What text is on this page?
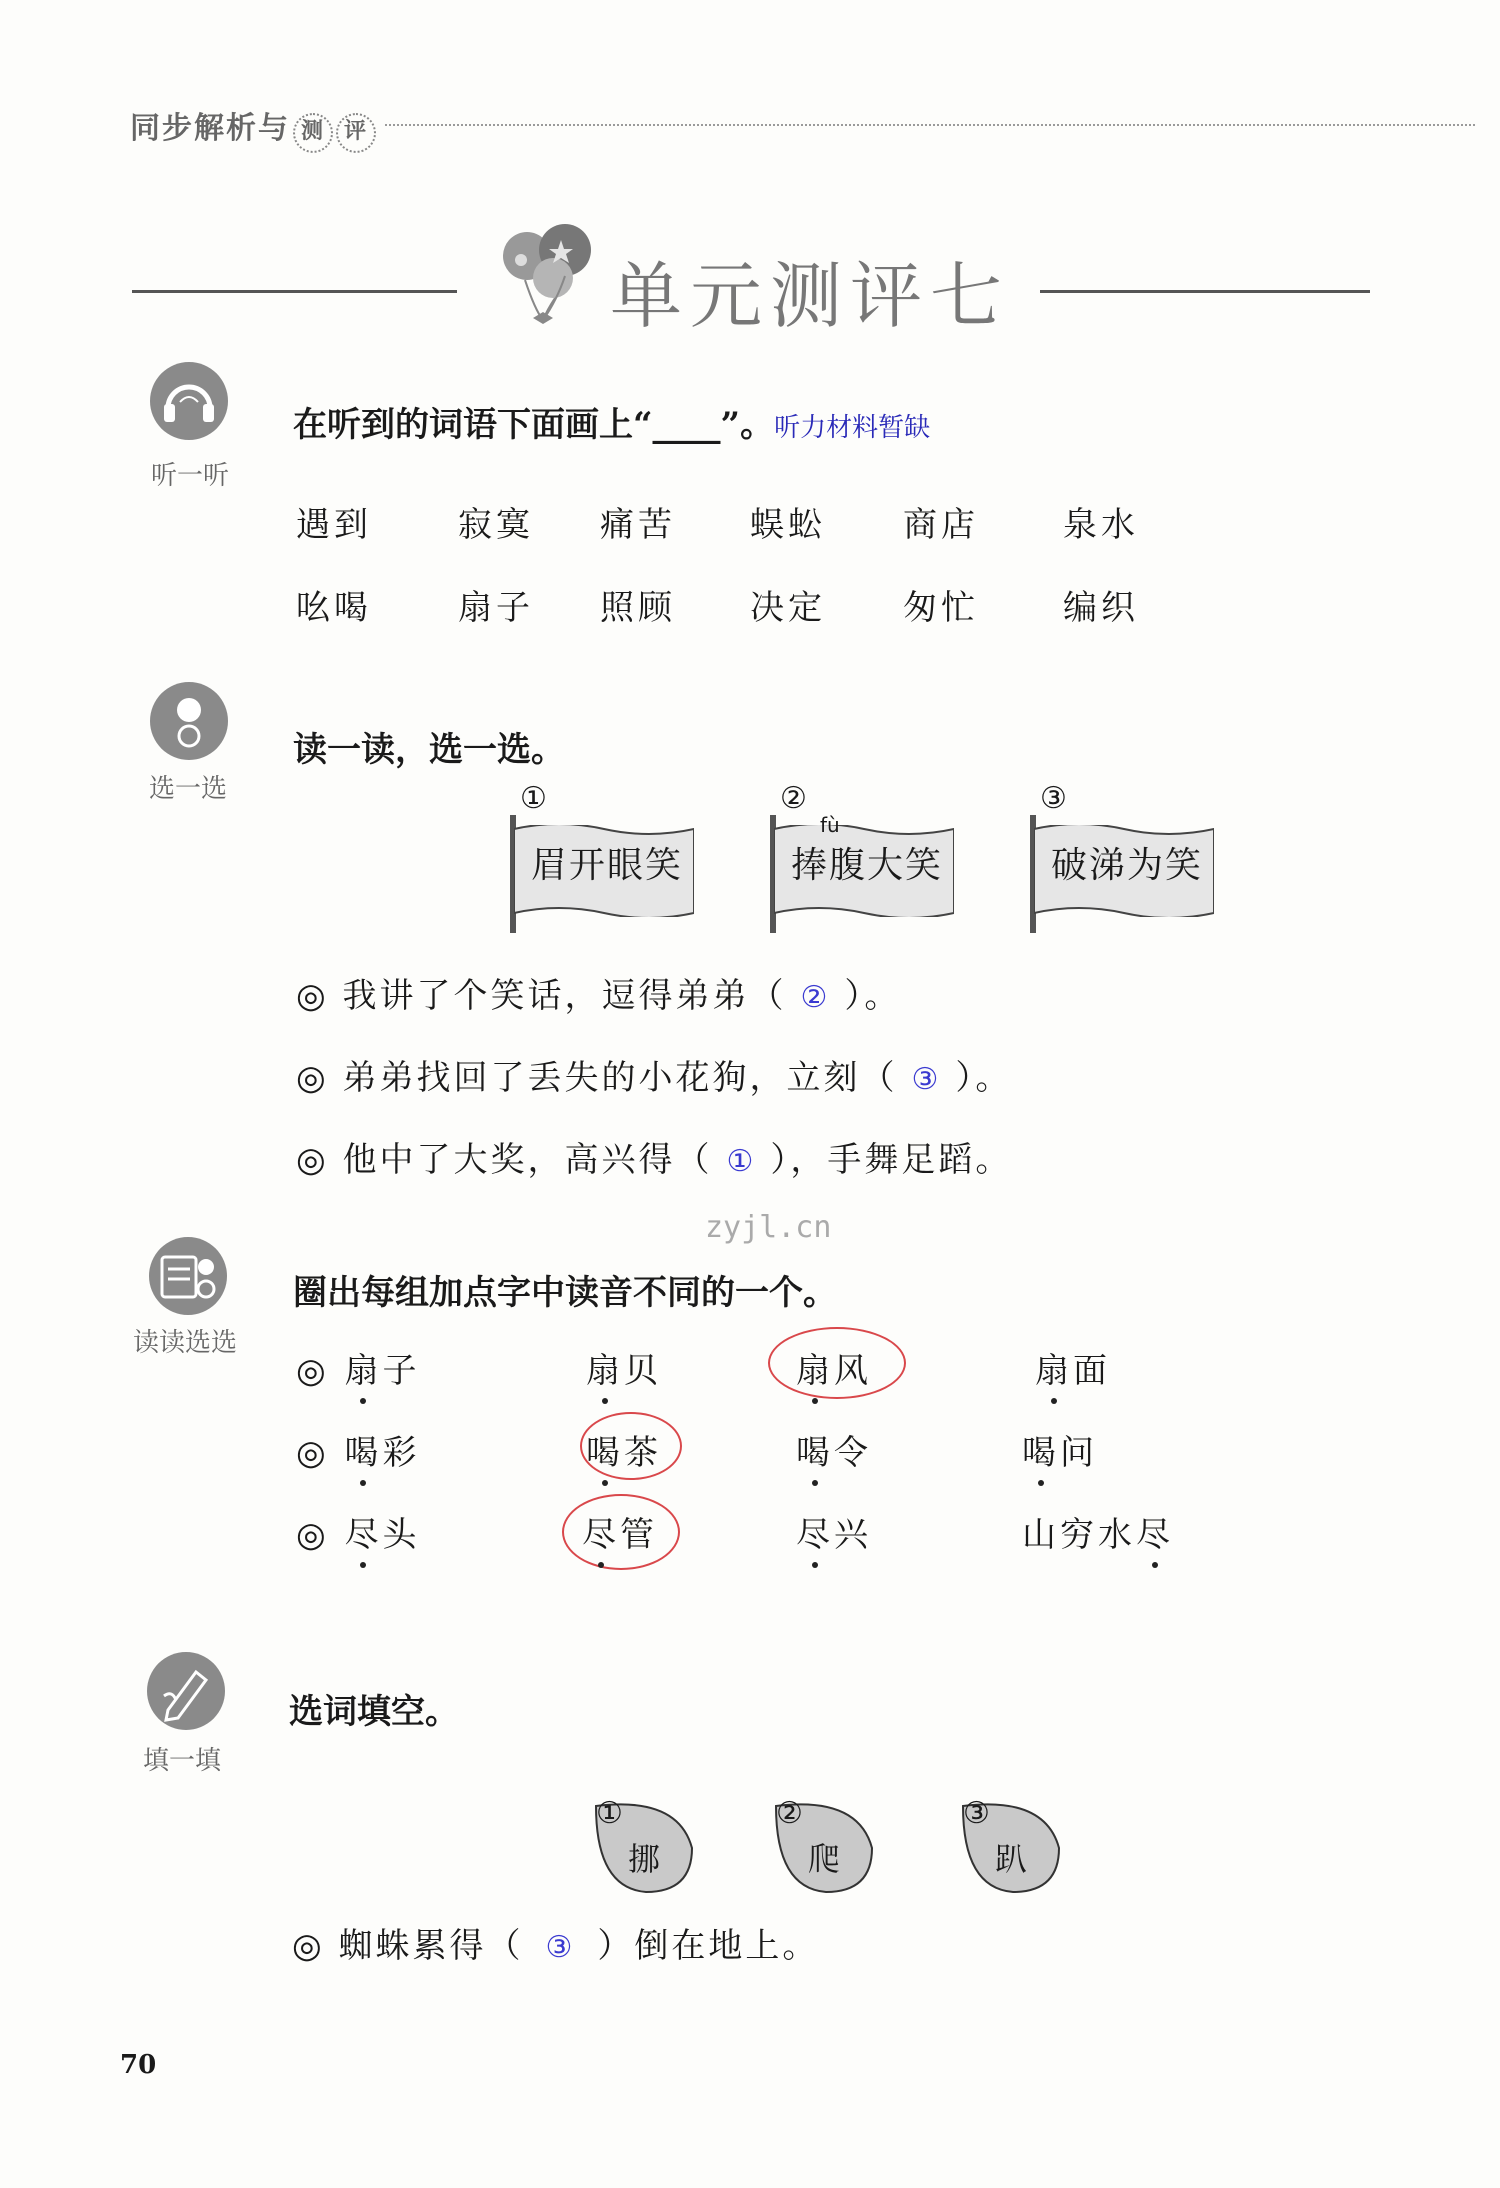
同步解析与 测 评
单元测评七
听一听
在听到的词语下面画上“____”。听力材料暂缺
遇到	寂寞 痛苦 蜈蚣 商店 泉水
吆喝	扇子 照顾 决定 匆忙 编织
选一选
读一读，选一选。
①
眉开眼笑
②
fù
捧腹大笑
③
破涕为笑
◎ 我讲了个笑话，逗得弟弟（ ② ）。
◎ 弟弟找回了丢失的小花狗，立刻（ ③ ）。
◎ 他中了大奖，高兴得（ ① ），手舞足蹈。
zyjl.cn
读读选选
圈出每组加点字中读音不同的一个。
◎ 扇子	扇贝	扇风	扇面
◎ 喝彩	喝茶	喝令	喝问
◎ 尽头	尽管	尽兴	山穷水尽
填一填
选词填空。
①
挪
②
爬
③
趴
◎ 蜘蛛累得（ ③ ）倒在地上。
70
